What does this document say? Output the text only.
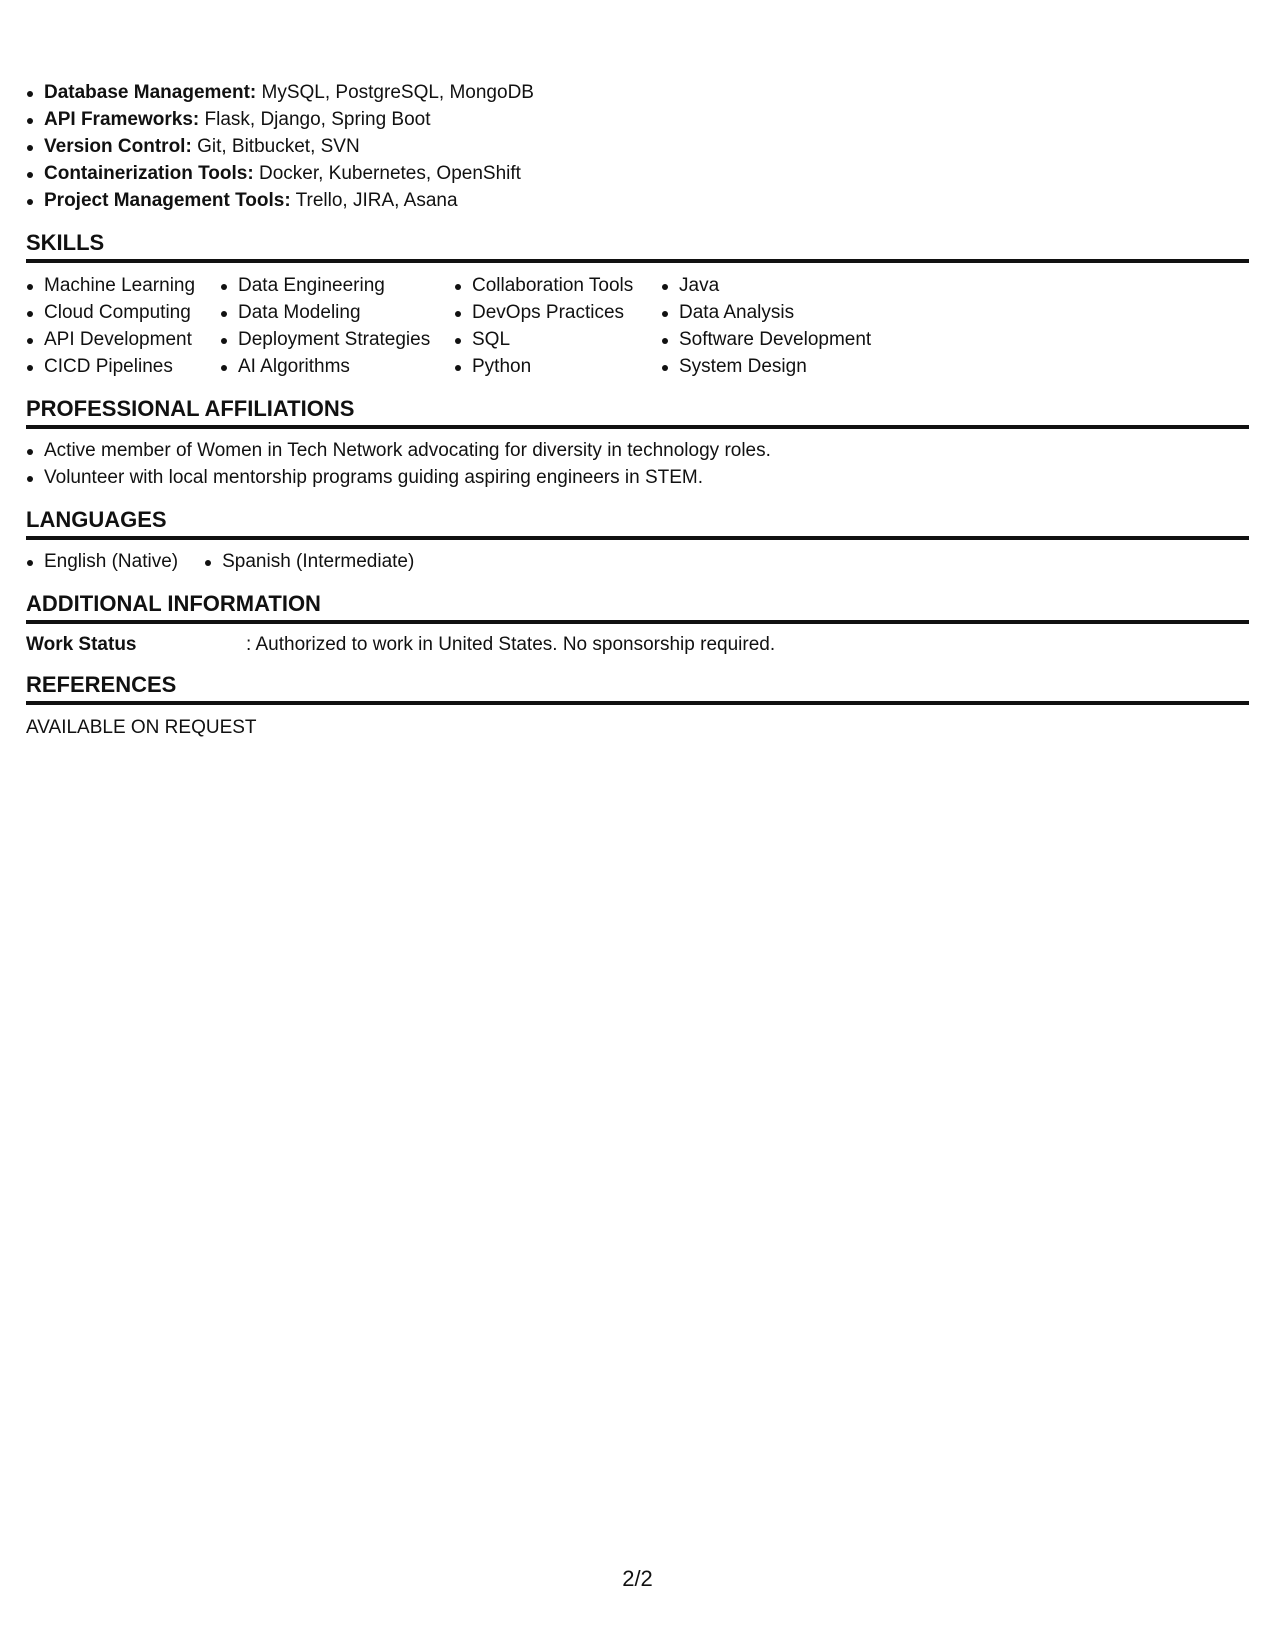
Database Management: MySQL, PostgreSQL, MongoDB
API Frameworks: Flask, Django, Spring Boot
Version Control: Git, Bitbucket, SVN
Containerization Tools: Docker, Kubernetes, OpenShift
Project Management Tools: Trello, JIRA, Asana
SKILLS
Machine Learning
Cloud Computing
API Development
CICD Pipelines
Data Engineering
Data Modeling
Deployment Strategies
AI Algorithms
Collaboration Tools
DevOps Practices
SQL
Python
Java
Data Analysis
Software Development
System Design
PROFESSIONAL AFFILIATIONS
Active member of Women in Tech Network advocating for diversity in technology roles.
Volunteer with local mentorship programs guiding aspiring engineers in STEM.
LANGUAGES
English (Native)	Spanish (Intermediate)
ADDITIONAL INFORMATION
Work Status	: Authorized to work in United States. No sponsorship required.
REFERENCES
AVAILABLE ON REQUEST
2/2
